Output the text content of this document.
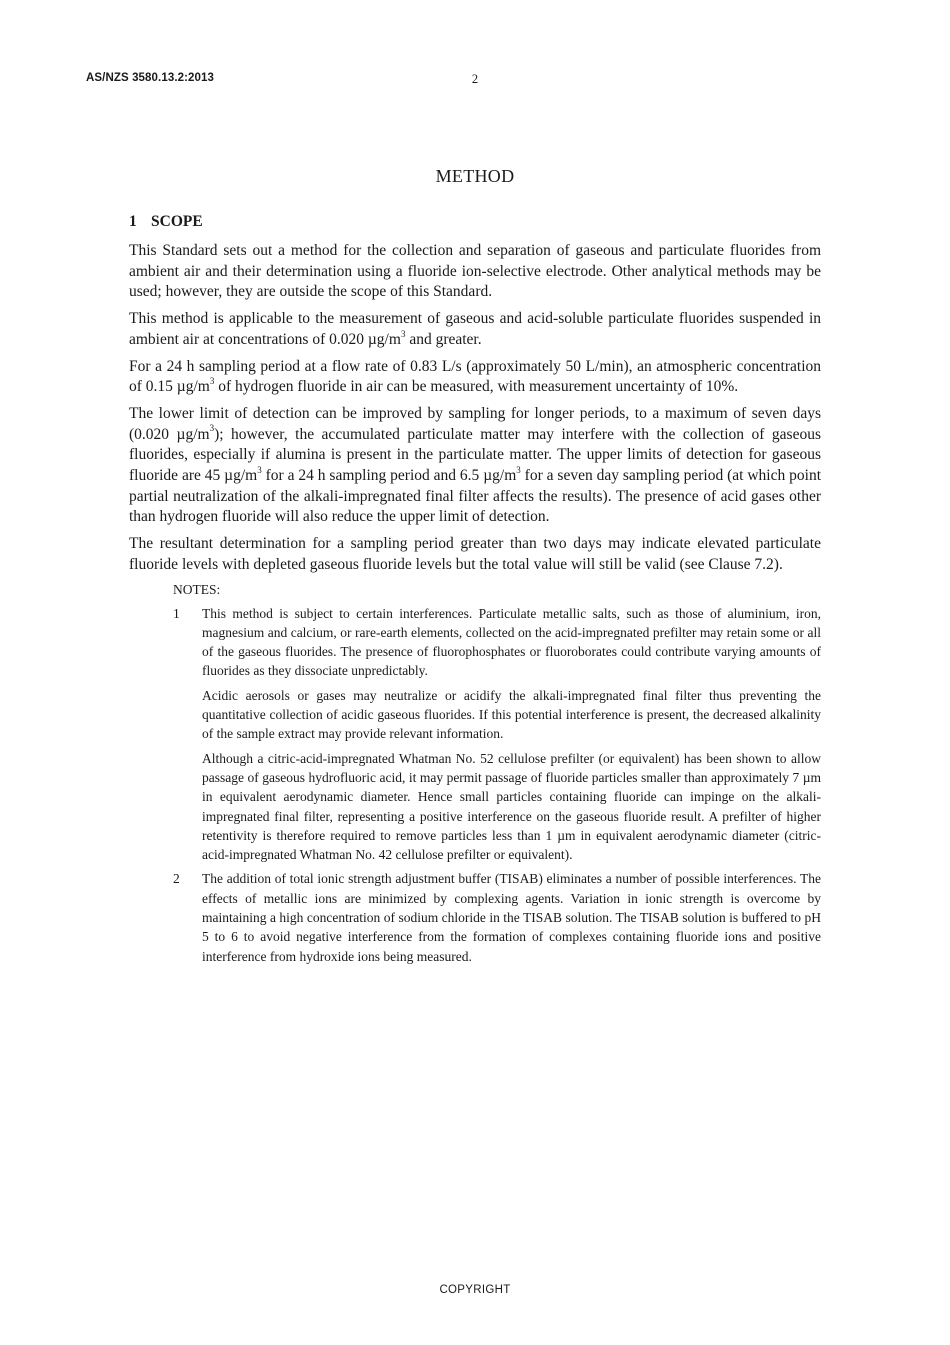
AS/NZS 3580.13.2:2013	2
METHOD
1 SCOPE

This Standard sets out a method for the collection and separation of gaseous and particulate fluorides from ambient air and their determination using a fluoride ion-selective electrode. Other analytical methods may be used; however, they are outside the scope of this Standard.

This method is applicable to the measurement of gaseous and acid-soluble particulate fluorides suspended in ambient air at concentrations of 0.020 $\mu g/m^3$ and greater.

For a 24 h sampling period at a flow rate of 0.83 L/s (approximately 50 L/min), an atmospheric concentration of 0.15 $\mu g/m^3$ of hydrogen fluoride in air can be measured, with measurement uncertainty of 10%.

The lower limit of detection can be improved by sampling for longer periods, to a maximum of seven days (0.020 $\mu g/m^3$); however, the accumulated particulate matter may interfere with the collection of gaseous fluorides, especially if alumina is present in the particulate matter. The upper limits of detection for gaseous fluoride are 45 $\mu g/m^3$ for a 24 h sampling period and 6.5 $\mu g/m^3$ for a seven day sampling period (at which point partial neutralization of the alkali-impregnated final filter affects the results). The presence of acid gases other than hydrogen fluoride will also reduce the upper limit of detection.

The resultant determination for a sampling period greater than two days may indicate elevated particulate fluoride levels with depleted gaseous fluoride levels but the total value will still be valid (see Clause 7.2).

NOTES:
1 This method is subject to certain interferences. Particulate metallic salts, such as those of aluminium, iron, magnesium and calcium, or rare-earth elements, collected on the acid-impregnated prefilter may retain some or all of the gaseous fluorides. The presence of fluorophosphates or fluoroborates could contribute varying amounts of fluorides as they dissociate unpredictably.

Acidic aerosols or gases may neutralize or acidify the alkali-impregnated final filter thus preventing the quantitative collection of acidic gaseous fluorides. If this potential interference is present, the decreased alkalinity of the sample extract may provide relevant information.

Although a citric-acid-impregnated Whatman No. 52 cellulose prefilter (or equivalent) has been shown to allow passage of gaseous hydrofluoric acid, it may permit passage of fluoride particles smaller than approximately 7 µm in equivalent aerodynamic diameter. Hence small particles containing fluoride can impinge on the alkali-impregnated final filter, representing a positive interference on the gaseous fluoride result. A prefilter of higher retentivity is therefore required to remove particles less than 1 µm in equivalent aerodynamic diameter (citric-acid-impregnated Whatman No. 42 cellulose prefilter or equivalent).

2 The addition of total ionic strength adjustment buffer (TISAB) eliminates a number of possible interferences. The effects of metallic ions are minimized by complexing agents. Variation in ionic strength is overcome by maintaining a high concentration of sodium chloride in the TISAB solution. The TISAB solution is buffered to pH 5 to 6 to avoid negative interference from the formation of complexes containing fluoride ions and positive interference from hydroxide ions being measured.

COPYRIGHT
